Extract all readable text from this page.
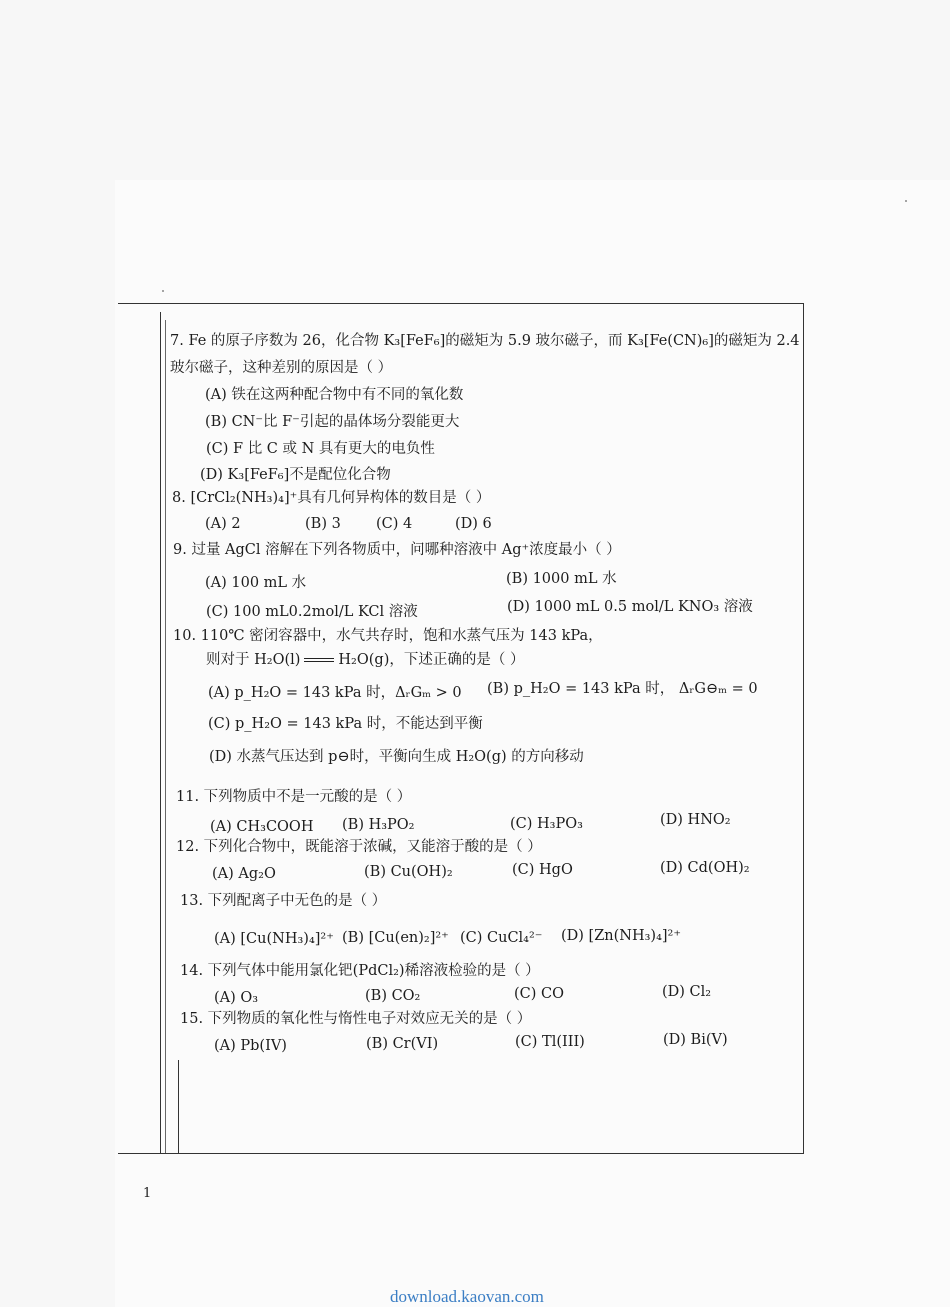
7. Fe 的原子序数为 26，化合物 K₃[FeF₆]的磁矩为 5.9 玻尔磁子，而 K₃[Fe(CN)₆]的磁矩为 2.4
玻尔磁子，这种差别的原因是（ ）
(A) 铁在这两种配合物中有不同的氧化数
(B) CN⁻比 F⁻引起的晶体场分裂能更大
(C) F 比 C 或 N 具有更大的电负性
(D) K₃[FeF₆]不是配位化合物
8. [CrCl₂(NH₃)₄]⁺具有几何异构体的数目是（ ）
(A) 2	(B) 3 (C) 4	(D) 6
9. 过量 AgCl 溶解在下列各物质中，问哪种溶液中 Ag⁺浓度最小（ ）
(A) 100 mL 水	(B) 1000 mL 水
(C) 100 mL0.2mol/L KCl 溶液	(D) 1000 mL 0.5 mol/L KNO₃ 溶液
10. 110℃ 密闭容器中，水气共存时，饱和水蒸气压为 143 kPa，
则对于 H₂O(l)	H₂O(g)，下述正确的是（ ）
(A) p_H₂O = 143 kPa 时，ΔᵣGₘ > 0 (B) p_H₂O = 143 kPa 时， ΔᵣG⊖ₘ = 0
(C) p_H₂O = 143 kPa 时，不能达到平衡
(D) 水蒸气压达到 p⊖时，平衡向生成 H₂O(g) 的方向移动
11. 下列物质中不是一元酸的是（ ）
(A) CH₃COOH (B) H₃PO₂	(C) H₃PO₃	(D) HNO₂
12. 下列化合物中，既能溶于浓碱，又能溶于酸的是（ ）
(A) Ag₂O	(B) Cu(OH)₂	(C) HgO	(D) Cd(OH)₂
13. 下列配离子中无色的是（ ）
(A) [Cu(NH₃)₄]²⁺ (B) [Cu(en)₂]²⁺ (C) CuCl₄²⁻ (D) [Zn(NH₃)₄]²⁺
14. 下列气体中能用氯化钯(PdCl₂)稀溶液检验的是（ ）
(A) O₃	(B) CO₂	(C) CO	(D) Cl₂
15. 下列物质的氧化性与惰性电子对效应无关的是（ ）
(A) Pb(IV)	(B) Cr(VI)	(C) Tl(III)	(D) Bi(V)
1
download.kaovan.com
